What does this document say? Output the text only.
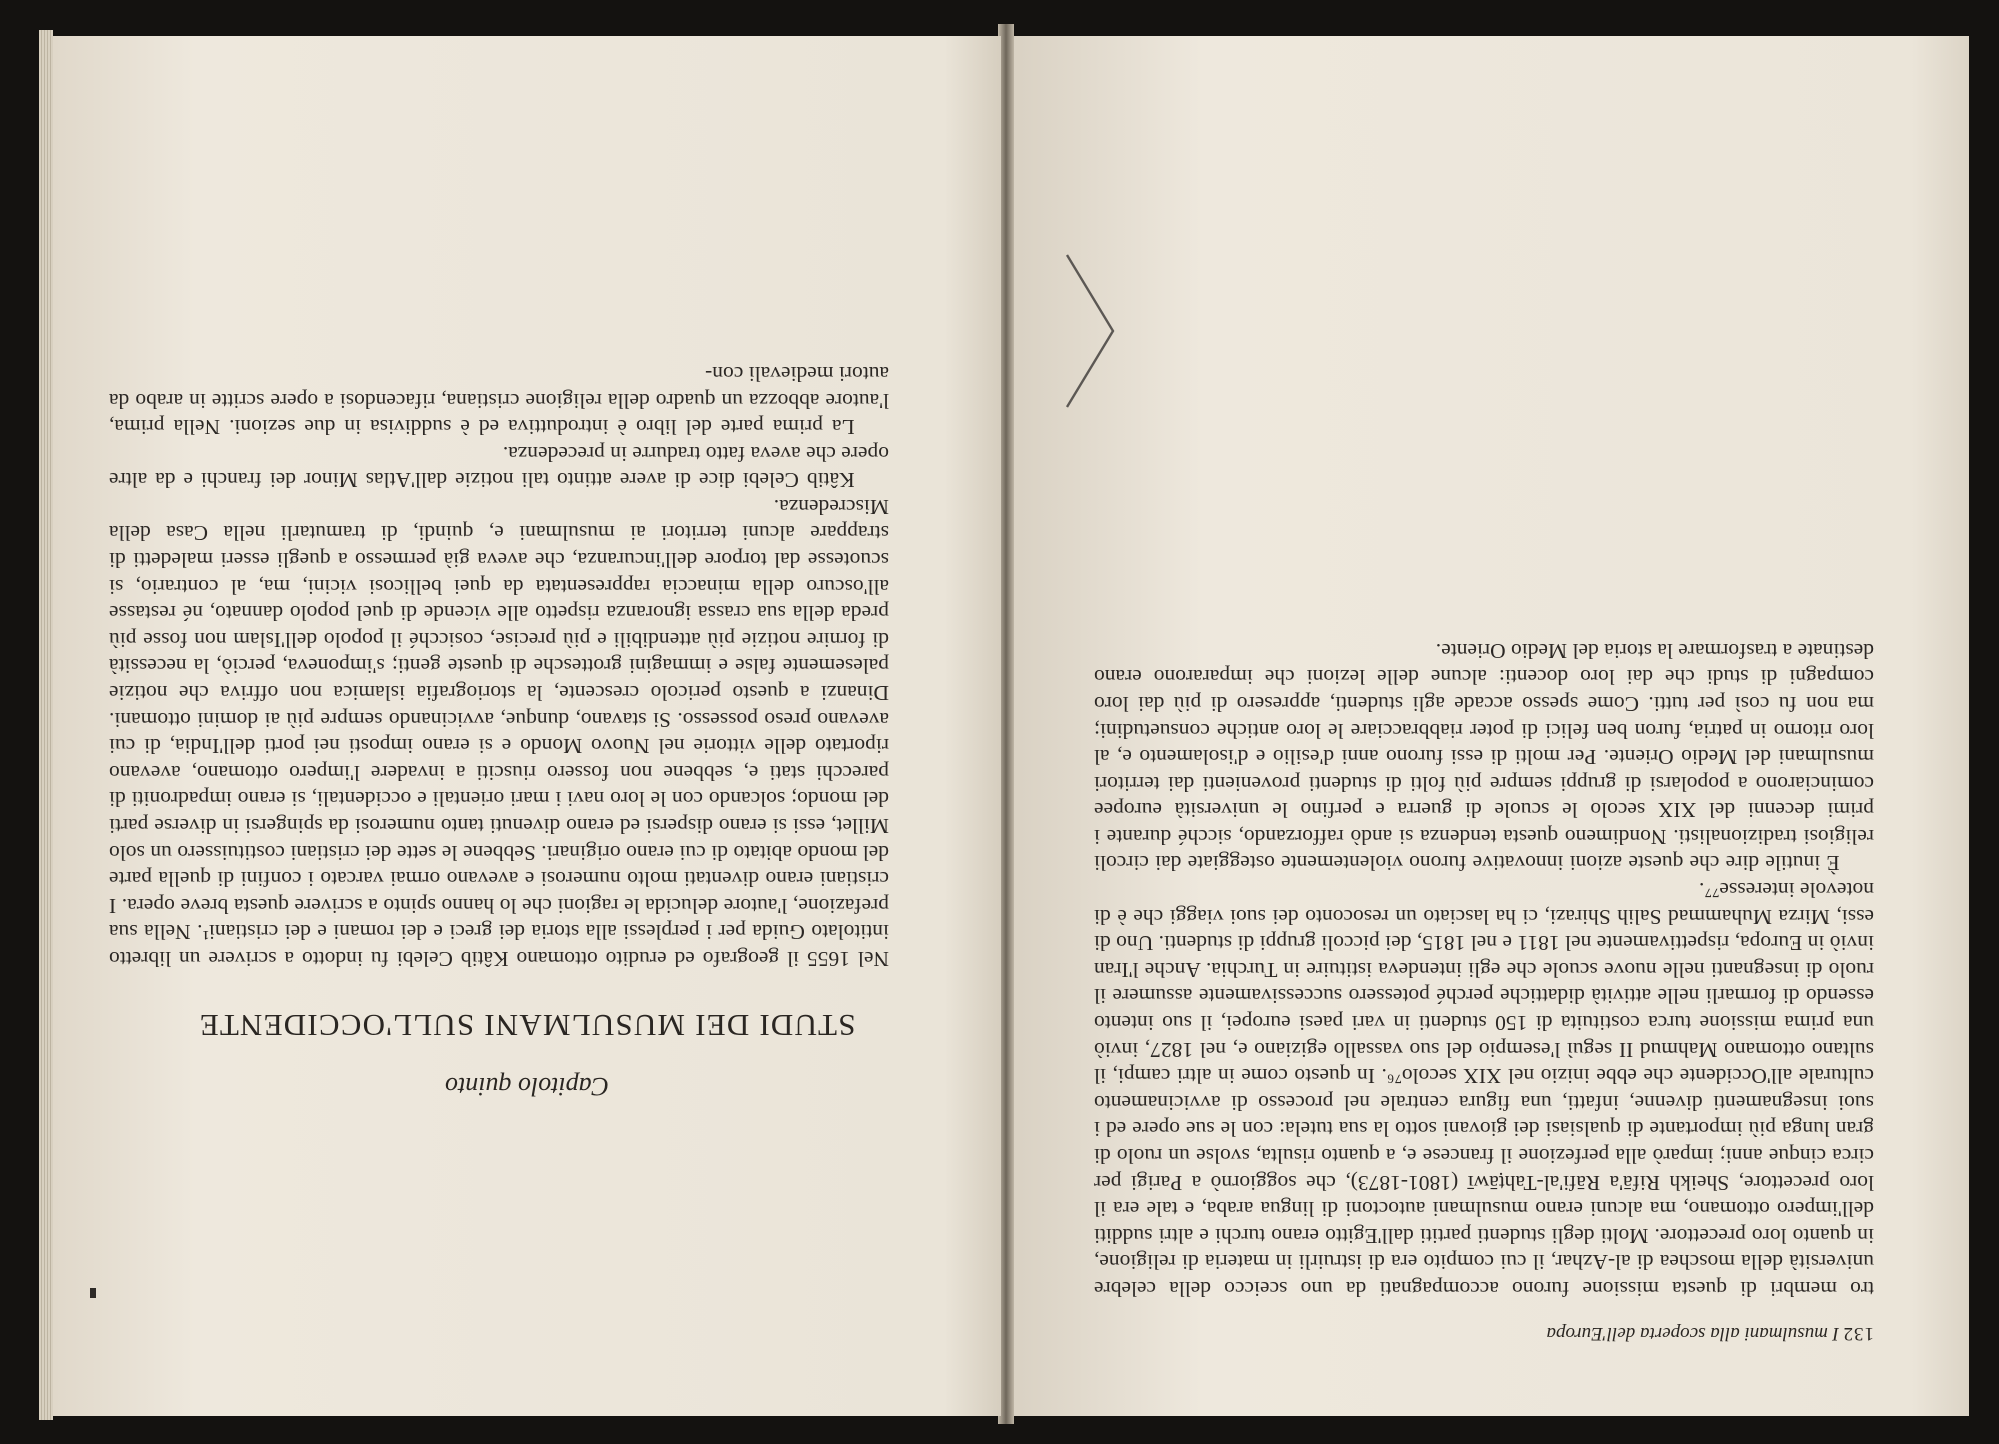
132
I musulmani alla scoperta dell'Europa

tro membri di questa missione furono accompagnati da uno sceicco della celebre università della moschea di al-Azhar, il cui compito era di istruirli in materia di religione, in quanto loro precettore. Molti degli studenti partiti dall'Egitto erano turchi e altri sudditi dell'impero ottomano, ma alcuni erano musulmani autoctoni di lingua araba, e tale era il loro precettore, Sheikh Rifā'a Rāfi'al-Tahṭāwī (1801-1873), che soggiornò a Parigi per circa cinque anni; imparò alla perfezione il francese e, a quanto risulta, svolse un ruolo di gran lunga più importante di qualsiasi dei giovani sotto la sua tutela: con le sue opere ed i suoi insegnamenti divenne, infatti, una figura centrale nel processo di avvicinamento culturale all'Occidente che ebbe inizio nel XIX secolo⁷⁶. In questo come in altri campi, il sultano ottomano Mahmud II seguì l'esempio del suo vassallo egiziano e, nel 1827, inviò una prima missione turca costituita di 150 studenti in vari paesi europei, il suo intento essendo di formarli nelle attività didattiche perché potessero successivamente assumere il ruolo di insegnanti nelle nuove scuole che egli intendeva istituire in Turchia. Anche l'Iran inviò in Europa, rispettivamente nel 1811 e nel 1815, dei piccoli gruppi di studenti. Uno di essi, Mirza Muhammad Salih Shirazi, ci ha lasciato un resoconto dei suoi viaggi che è di notevole interesse⁷⁷.

È inutile dire che queste azioni innovative furono violentemente osteggiate dai circoli religiosi tradizionalisti. Nondimeno questa tendenza si andò rafforzando, sicché durante i primi decenni del XIX secolo le scuole di guerra e perfino le università europee cominciarono a popolarsi di gruppi sempre più folti di studenti provenienti dai territori musulmani del Medio Oriente. Per molti di essi furono anni d'esilio e d'isolamento e, al loro ritorno in patria, furon ben felici di poter riabbracciare le loro antiche consuetudini; ma non fu così per tutti. Come spesso accade agli studenti, appresero di più dai loro compagni di studi che dai loro docenti: alcune delle lezioni che impararono erano destinate a trasformare la storia del Medio Oriente.

Capitolo quinto
STUDI DEI MUSULMANI SULL'OCCIDENTE

Nel 1655 il geografo ed erudito ottomano Kâtib Celebi fu indotto a scrivere un libretto intitolato Guida per i perplessi alla storia dei greci e dei romani e dei cristiani¹. Nella sua prefazione, l'autore delucida le ragioni che lo hanno spinto a scrivere questa breve opera. I cristiani erano diventati molto numerosi e avevano ormai varcato i confini di quella parte del mondo abitato di cui erano originari. Sebbene le sette dei cristiani costituissero un solo Millet, essi si erano dispersi ed erano divenuti tanto numerosi da spingersi in diverse parti del mondo; solcando con le loro navi i mari orientali e occidentali, si erano impadroniti di parecchi stati e, sebbene non fossero riusciti a invadere l'impero ottomano, avevano riportato delle vittorie nel Nuovo Mondo e si erano imposti nei porti dell'India, di cui avevano preso possesso. Si stavano, dunque, avvicinando sempre più ai domini ottomani. Dinanzi a questo pericolo crescente, la storiografia islamica non offriva che notizie palesemente false e immagini grottesche di queste genti; s'imponeva, perciò, la necessità di fornire notizie più attendibili e più precise, cosicché il popolo dell'Islam non fosse più preda della sua crassa ignoranza rispetto alle vicende di quel popolo dannato, né restasse all'oscuro della minaccia rappresentata da quei bellicosi vicini, ma, al contrario, si scuotesse dal torpore dell'incuranza, che aveva già permesso a quegli esseri maledetti di strappare alcuni territori ai musulmani e, quindi, di tramutarli nella Casa della Miscredenza.

Kâtib Celebi dice di avere attinto tali notizie dall'Atlas Minor dei franchi e da altre opere che aveva fatto tradurre in precedenza.

La prima parte del libro è introduttiva ed è suddivisa in due sezioni. Nella prima, l'autore abbozza un quadro della religione cristiana, rifacendosi a opere scritte in arabo da autori medievali con-
